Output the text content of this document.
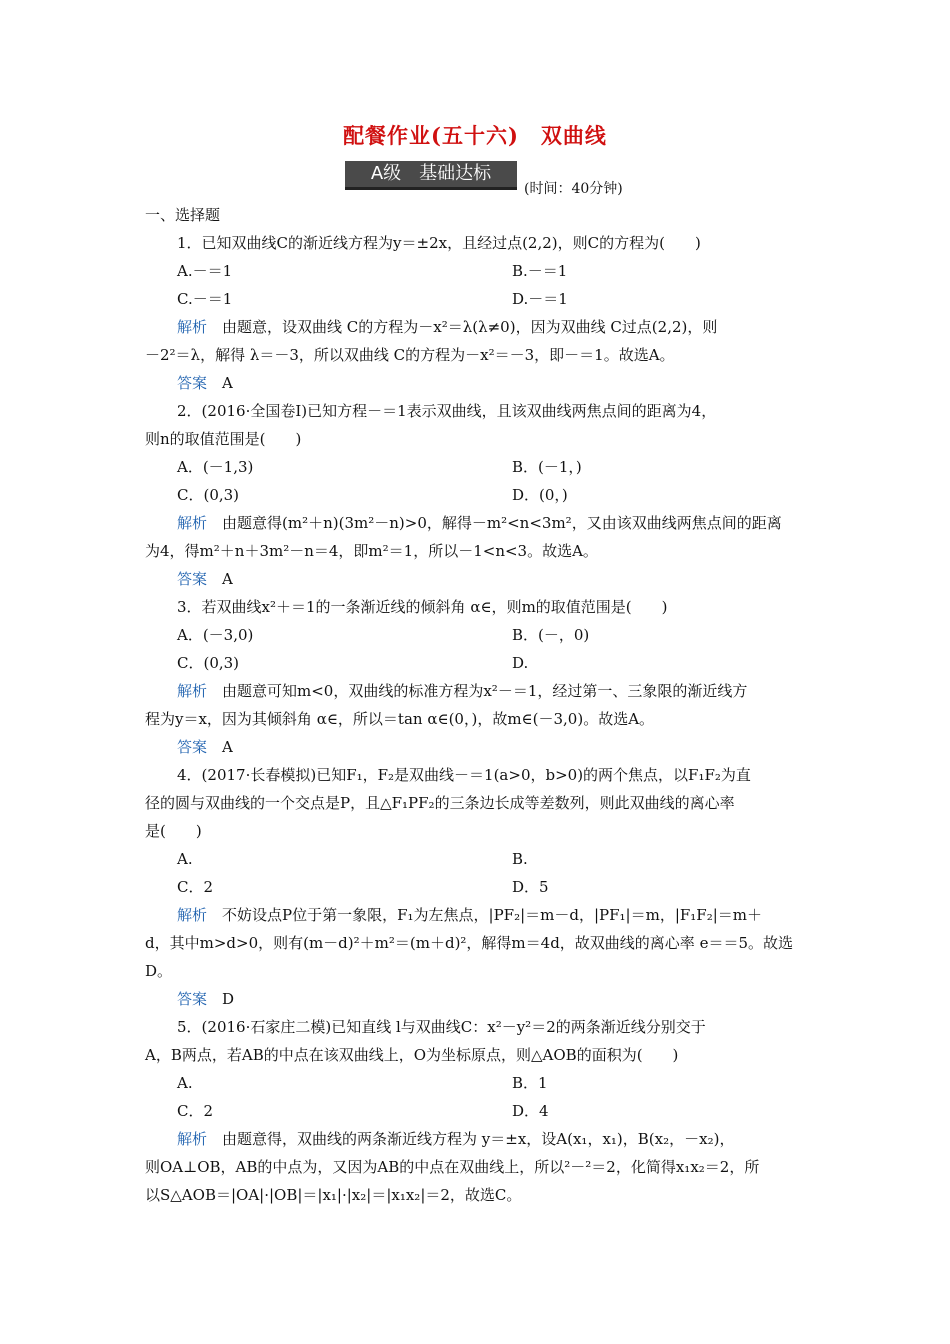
配餐作业(五十六)　双曲线
A级　基础达标
(时间：40分钟)
一、选择题
1．已知双曲线C的渐近线方程为y＝±2x，且经过点(2,2)，则C的方程为(　　)
A.－＝1	B.－＝1
C.－＝1	D.－＝1
解析　由题意，设双曲线 C的方程为－x²＝λ(λ≠0)，因为双曲线 C过点(2,2)，则
－2²＝λ，解得 λ＝－3，所以双曲线 C的方程为－x²＝－3，即－＝1。故选A。
答案　A
2．(2016·全国卷Ⅰ)已知方程－＝1表示双曲线，且该双曲线两焦点间的距离为4，
则n的取值范围是(　　)
A．(－1,3)	B．(－1，)
C．(0,3)	D．(0，)
解析　由题意得(m²＋n)(3m²－n)>0，解得－m²<n<3m²，又由该双曲线两焦点间的距离
为4，得m²＋n＋3m²－n＝4，即m²＝1，所以－1<n<3。故选A。
答案　A
3．若双曲线x²＋＝1的一条渐近线的倾斜角 α∈，则m的取值范围是(　　)
A．(－3,0)	B．(－，0)
C．(0,3)	D.
解析　由题意可知m<0，双曲线的标准方程为x²－＝1，经过第一、三象限的渐近线方
程为y＝x，因为其倾斜角 α∈，所以＝tan α∈(0，)，故m∈(－3,0)。故选A。
答案　A
4．(2017·长春模拟)已知F₁，F₂是双曲线－＝1(a>0，b>0)的两个焦点，以F₁F₂为直
径的圆与双曲线的一个交点是P，且△F₁PF₂的三条边长成等差数列，则此双曲线的离心率
是(　　)
A.	B.
C．2	D．5
解析　不妨设点P位于第一象限，F₁为左焦点，|PF₂|＝m－d，|PF₁|＝m，|F₁F₂|＝m＋
d，其中m>d>0，则有(m－d)²＋m²＝(m＋d)²，解得m＝4d，故双曲线的离心率 e＝＝5。故选
D。
答案　D
5．(2016·石家庄二模)已知直线 l与双曲线C：x²－y²＝2的两条渐近线分别交于
A，B两点，若AB的中点在该双曲线上，O为坐标原点，则△AOB的面积为(　　)
A.	B．1
C．2	D．4
解析　由题意得，双曲线的两条渐近线方程为 y＝±x，设A(x₁，x₁)，B(x₂，－x₂)，
则OA⊥OB，AB的中点为，又因为AB的中点在双曲线上，所以²－²＝2，化简得x₁x₂＝2，所
以S△AOB＝|OA|·|OB|＝|x₁|·|x₂|＝|x₁x₂|＝2，故选C。
